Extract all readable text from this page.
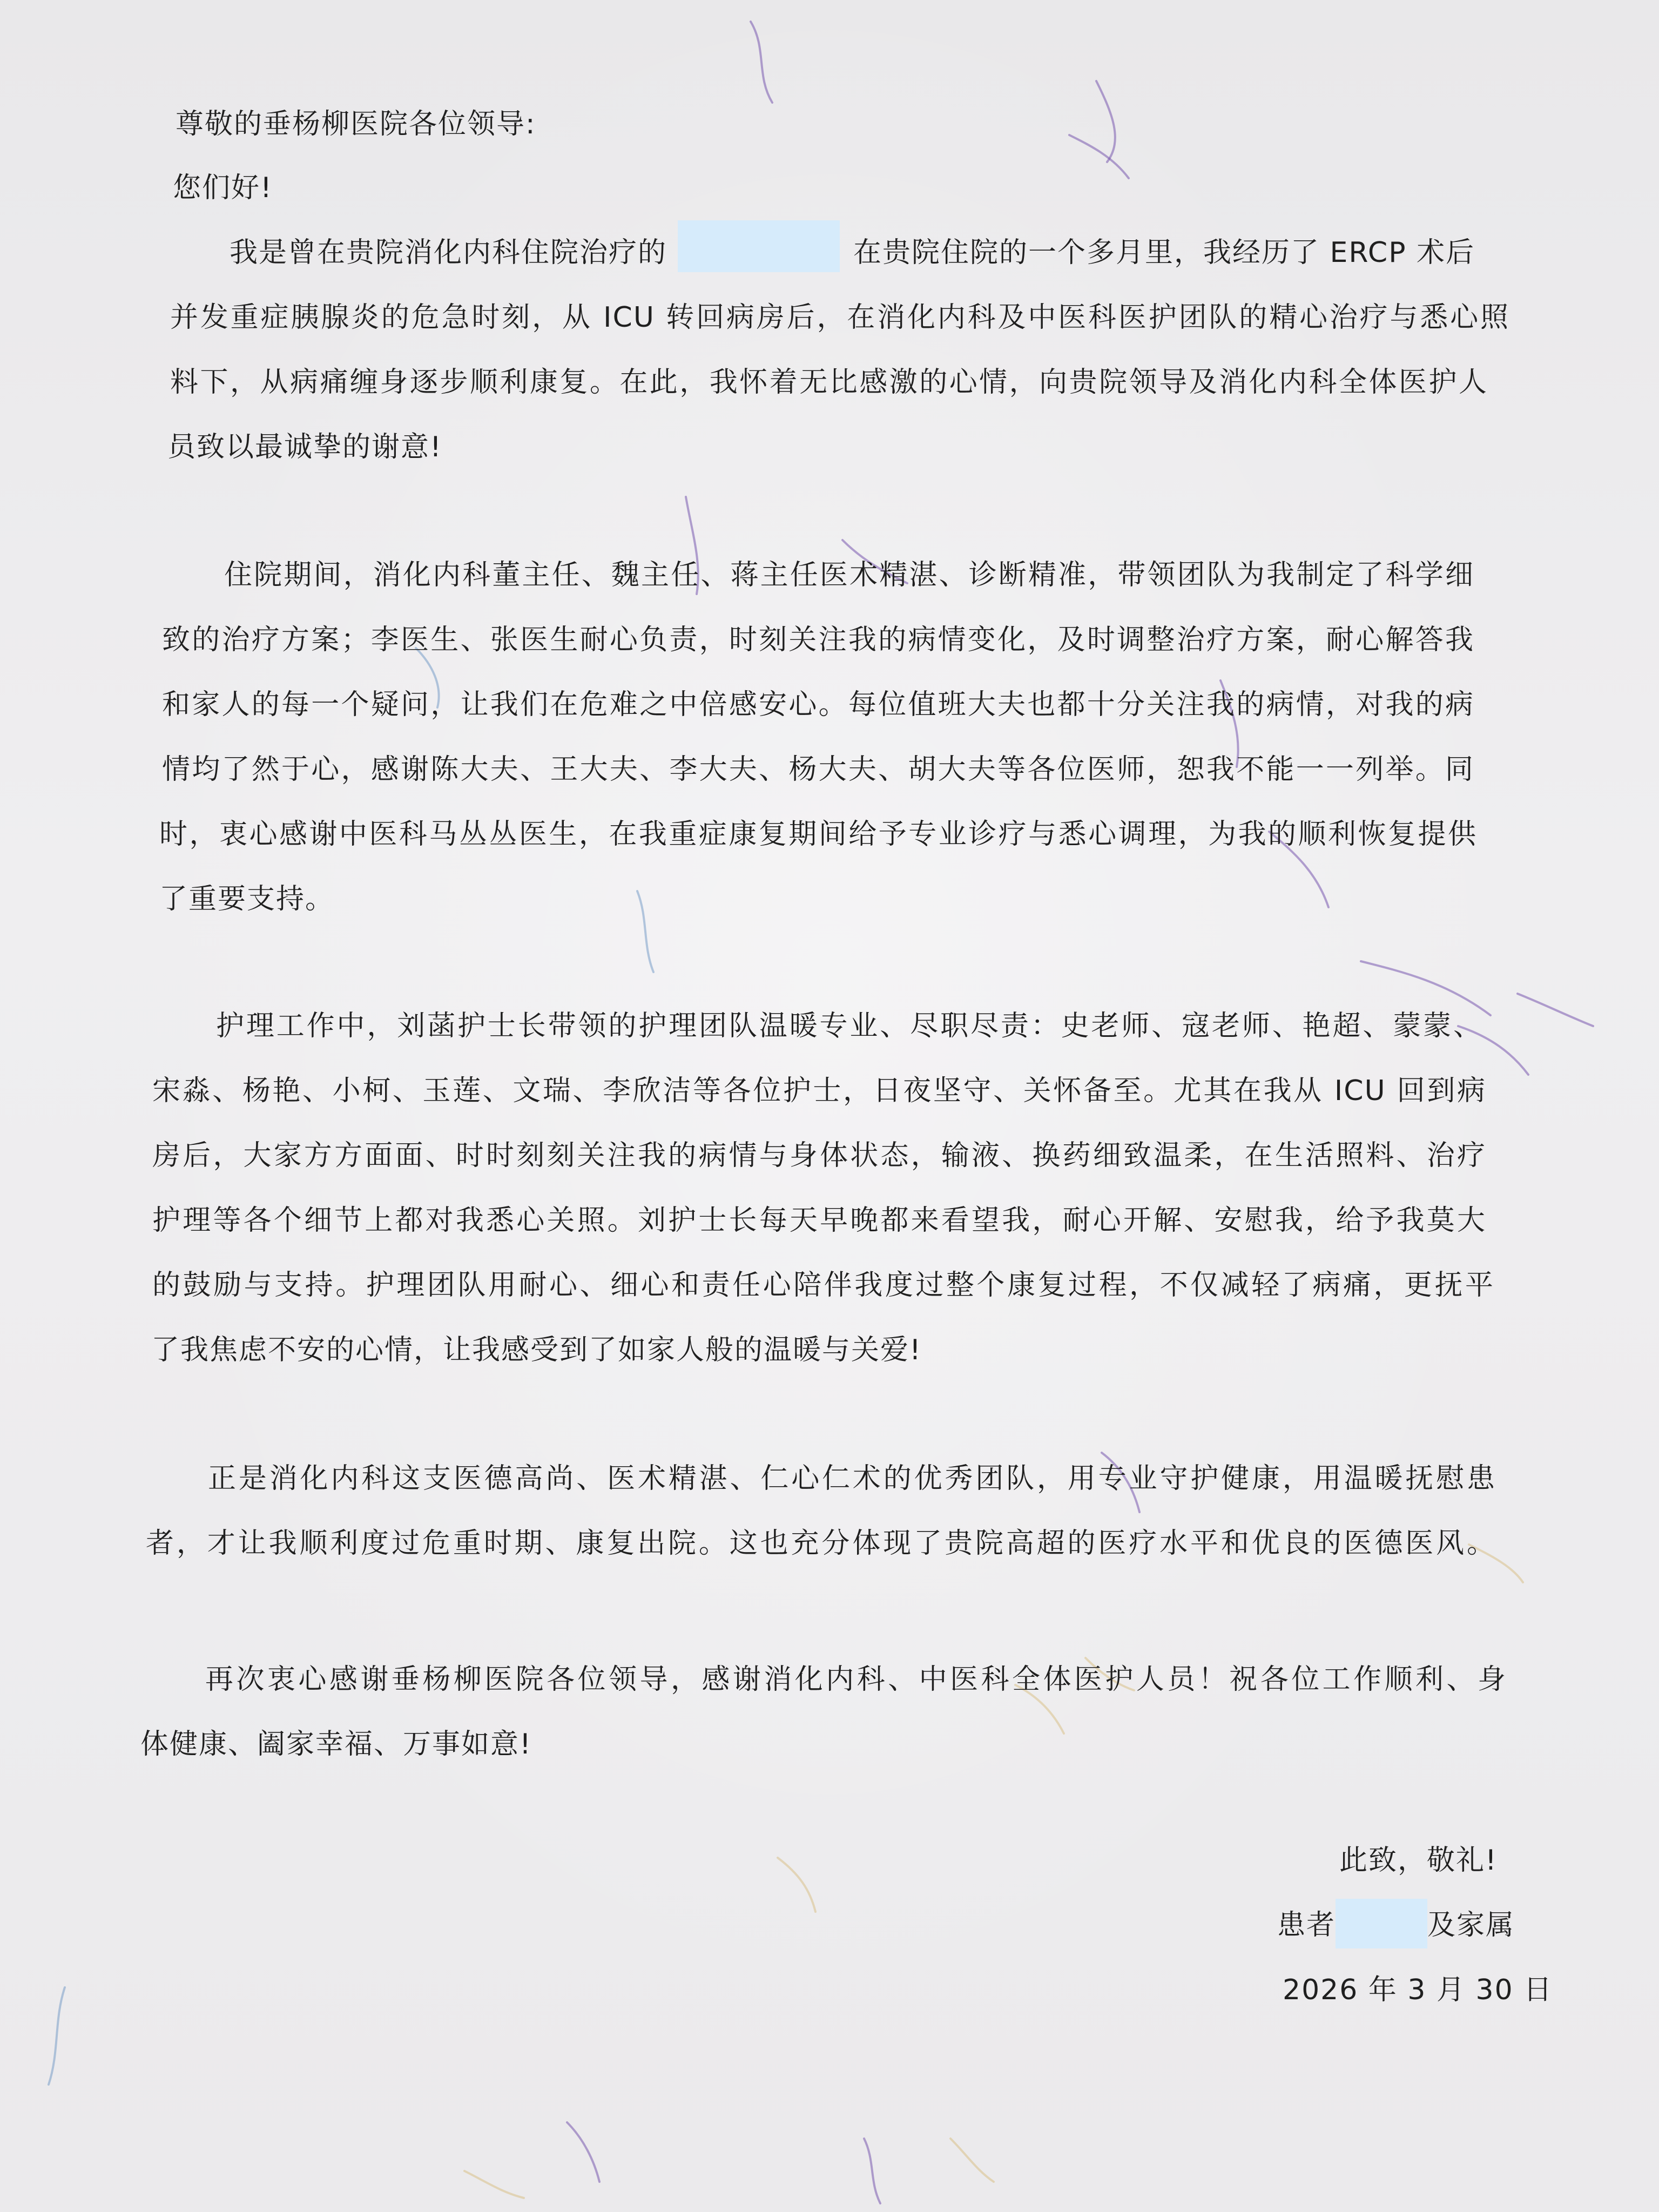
尊敬的垂杨柳医院各位领导:
您们好!
我是曾在贵院消化内科住院治疗的	在贵院住院的一个多月里，我经历了 ERCP 术后
并发重症胰腺炎的危急时刻，从 ICU 转回病房后，在消化内科及中医科医护团队的精心治疗与悉心照
料下，从病痛缠身逐步顺利康复。在此，我怀着无比感激的心情，向贵院领导及消化内科全体医护人
员致以最诚挚的谢意!
住院期间，消化内科董主任、魏主任、蒋主任医术精湛、诊断精准，带领团队为我制定了科学细
致的治疗方案；李医生、张医生耐心负责，时刻关注我的病情变化，及时调整治疗方案，耐心解答我
和家人的每一个疑问，让我们在危难之中倍感安心。每位值班大夫也都十分关注我的病情，对我的病
情均了然于心，感谢陈大夫、王大夫、李大夫、杨大夫、胡大夫等各位医师，恕我不能一一列举。同
时，衷心感谢中医科马丛丛医生，在我重症康复期间给予专业诊疗与悉心调理，为我的顺利恢复提供
了重要支持。
护理工作中，刘菡护士长带领的护理团队温暖专业、尽职尽责：史老师、寇老师、艳超、蒙蒙、
宋淼、杨艳、小柯、玉莲、文瑞、李欣洁等各位护士，日夜坚守、关怀备至。尤其在我从 ICU 回到病
房后，大家方方面面、时时刻刻关注我的病情与身体状态，输液、换药细致温柔，在生活照料、治疗
护理等各个细节上都对我悉心关照。刘护士长每天早晚都来看望我，耐心开解、安慰我，给予我莫大
的鼓励与支持。护理团队用耐心、细心和责任心陪伴我度过整个康复过程，不仅减轻了病痛，更抚平
了我焦虑不安的心情，让我感受到了如家人般的温暖与关爱!
正是消化内科这支医德高尚、医术精湛、仁心仁术的优秀团队，用专业守护健康，用温暖抚慰患
者，才让我顺利度过危重时期、康复出院。这也充分体现了贵院高超的医疗水平和优良的医德医风。
再次衷心感谢垂杨柳医院各位领导，感谢消化内科、中医科全体医护人员！祝各位工作顺利、身
体健康、阖家幸福、万事如意!
此致，敬礼!
患者	及家属
2026 年 3 月 30 日
